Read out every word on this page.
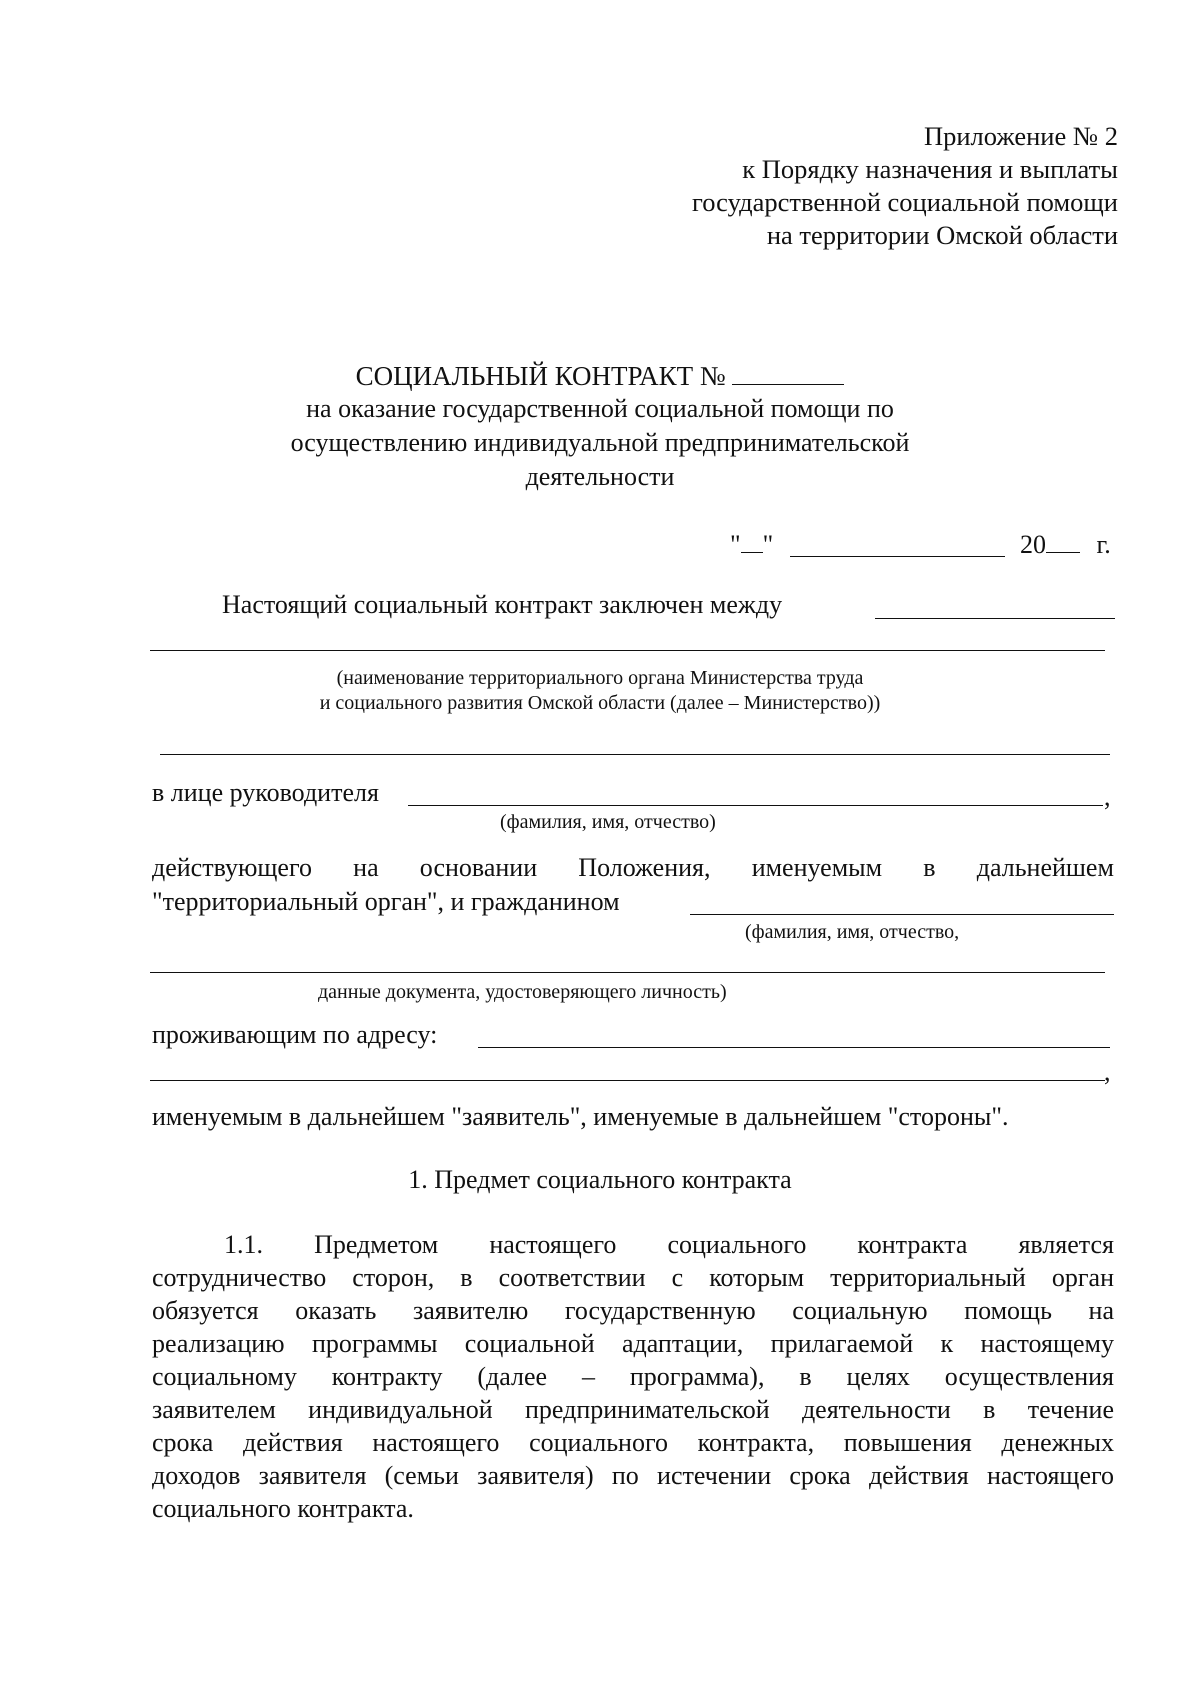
Приложение № 2
к Порядку назначения и выплаты
государственной социальной помощи
на территории Омской области
СОЦИАЛЬНЫЙ КОНТРАКТ №
на оказание государственной социальной помощи по
осуществлению индивидуальной предпринимательской
деятельности
" "	20 г.
Настоящий социальный контракт заключен между
(наименование территориального органа Министерства труда
и социального развития Омской области (далее – Министерство))
в лице руководителя	,
(фамилия, имя, отчество)
действующего на основании Положения, именуемым в дальнейшем
"территориальный орган", и гражданином
(фамилия, имя, отчество,
данные документа, удостоверяющего личность)
проживающим по адресу:
,
именуемым в дальнейшем "заявитель", именуемые в дальнейшем "стороны".
1. Предмет социального контракта

1.1. Предметом настоящего социального контракта является

сотрудничество сторон, в соответствии с которым территориальный орган

обязуется оказать заявителю государственную социальную помощь на

реализацию программы социальной адаптации, прилагаемой к настоящему

социальному контракту (далее – программа), в целях осуществления

заявителем индивидуальной предпринимательской деятельности в течение

срока действия настоящего социального контракта, повышения денежных

доходов заявителя (семьи заявителя) по истечении срока действия настоящего

социального контракта.
